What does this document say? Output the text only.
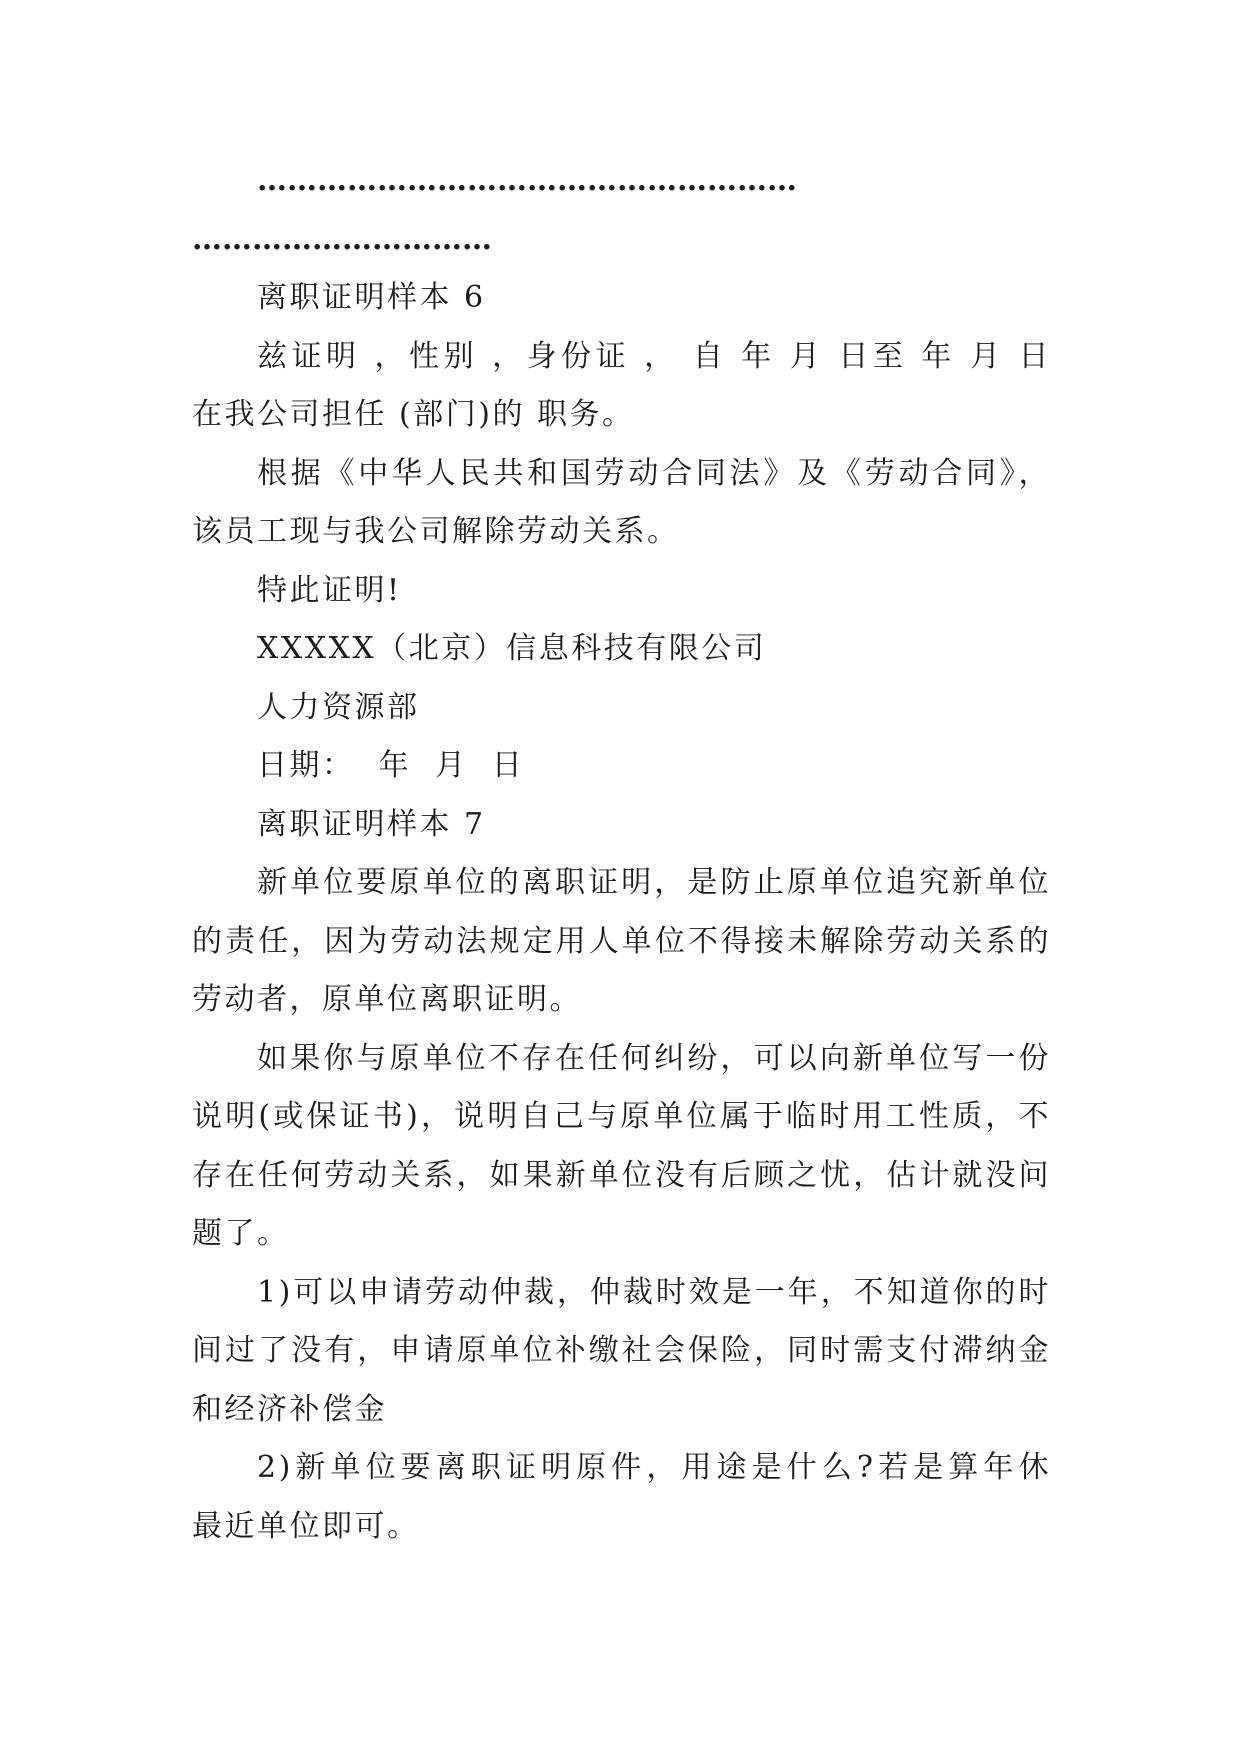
………………………………………………
…………………………
离职证明样本 6
兹证明 ，性别 ，身份证 ， 自 年 月 日至 年 月 日
在我公司担任 (部门)的 职务。
根据《中华人民共和国劳动合同法》及《劳动合同》，
该员工现与我公司解除劳动关系。
特此证明!
XXXXX（北京）信息科技有限公司
人力资源部
日期：  年  月  日
离职证明样本 7
新单位要原单位的离职证明，是防止原单位追究新单位
的责任，因为劳动法规定用人单位不得接未解除劳动关系的
劳动者，原单位离职证明。
如果你与原单位不存在任何纠纷，可以向新单位写一份
说明(或保证书)，说明自己与原单位属于临时用工性质，不
存在任何劳动关系，如果新单位没有后顾之忧，估计就没问
题了。
1)可以申请劳动仲裁，仲裁时效是一年，不知道你的时
间过了没有，申请原单位补缴社会保险，同时需支付滞纳金
和经济补偿金
2)新单位要离职证明原件，用途是什么?若是算年休
最近单位即可。
